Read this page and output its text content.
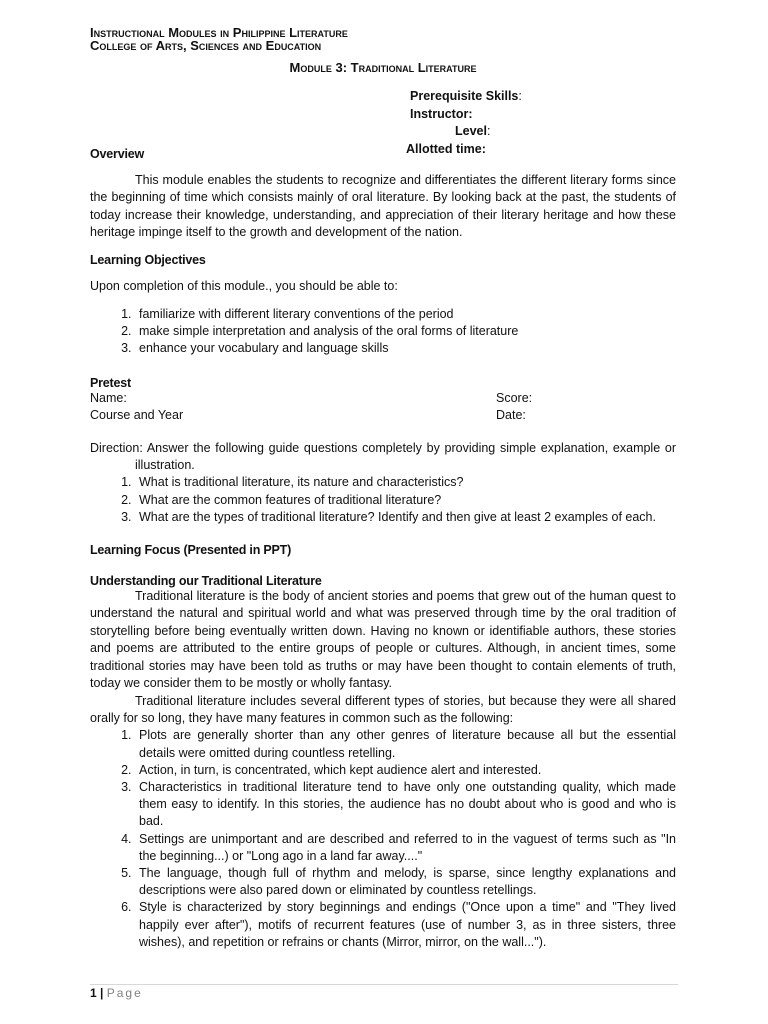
Instructional Modules in Philippine Literature
College of Arts, Sciences and Education
Module 3: Traditional Literature
Prerequisite Skills:
Instructor:
Level:
Allotted time:
Overview

This module enables the students to recognize and differentiates the different literary forms since the beginning of time which consists mainly of oral literature. By looking back at the past, the students of today increase their knowledge, understanding, and appreciation of their literary heritage and how these heritage impinge itself to the growth and development of the nation.

Learning Objectives

Upon completion of this module., you should be able to:

1. familiarize with different literary conventions of the period
2. make simple interpretation and analysis of the oral forms of literature
3. enhance your vocabulary and language skills
Pretest
Name:	Score:
Course and Year	Date:

Direction: Answer the following guide questions completely by providing simple explanation, example or illustration.

1. What is traditional literature, its nature and characteristics?
2. What are the common features of traditional literature?
3. What are the types of traditional literature? Identify and then give at least 2 examples of each.
Learning Focus (Presented in PPT)
Understanding our Traditional Literature

Traditional literature is the body of ancient stories and poems that grew out of the human quest to understand the natural and spiritual world and what was preserved through time by the oral tradition of storytelling before being eventually written down. Having no known or identifiable authors, these stories and poems are attributed to the entire groups of people or cultures. Although, in ancient times, some traditional stories may have been told as truths or may have been thought to contain elements of truth, today we consider them to be mostly or wholly fantasy.

Traditional literature includes several different types of stories, but because they were all shared orally for so long, they have many features in common such as the following:

1. Plots are generally shorter than any other genres of literature because all but the essential details were omitted during countless retelling.
2. Action, in turn, is concentrated, which kept audience alert and interested.
3. Characteristics in traditional literature tend to have only one outstanding quality, which made them easy to identify. In this stories, the audience has no doubt about who is good and who is bad.
4. Settings are unimportant and are described and referred to in the vaguest of terms such as "In the beginning...) or "Long ago in a land far away...."
5. The language, though full of rhythm and melody, is sparse, since lengthy explanations and descriptions were also pared down or eliminated by countless retellings.
6. Style is characterized by story beginnings and endings ("Once upon a time" and "They lived happily ever after"), motifs of recurrent features (use of number 3, as in three sisters, three wishes), and repetition or refrains or chants (Mirror, mirror, on the wall...").
1 | Page
